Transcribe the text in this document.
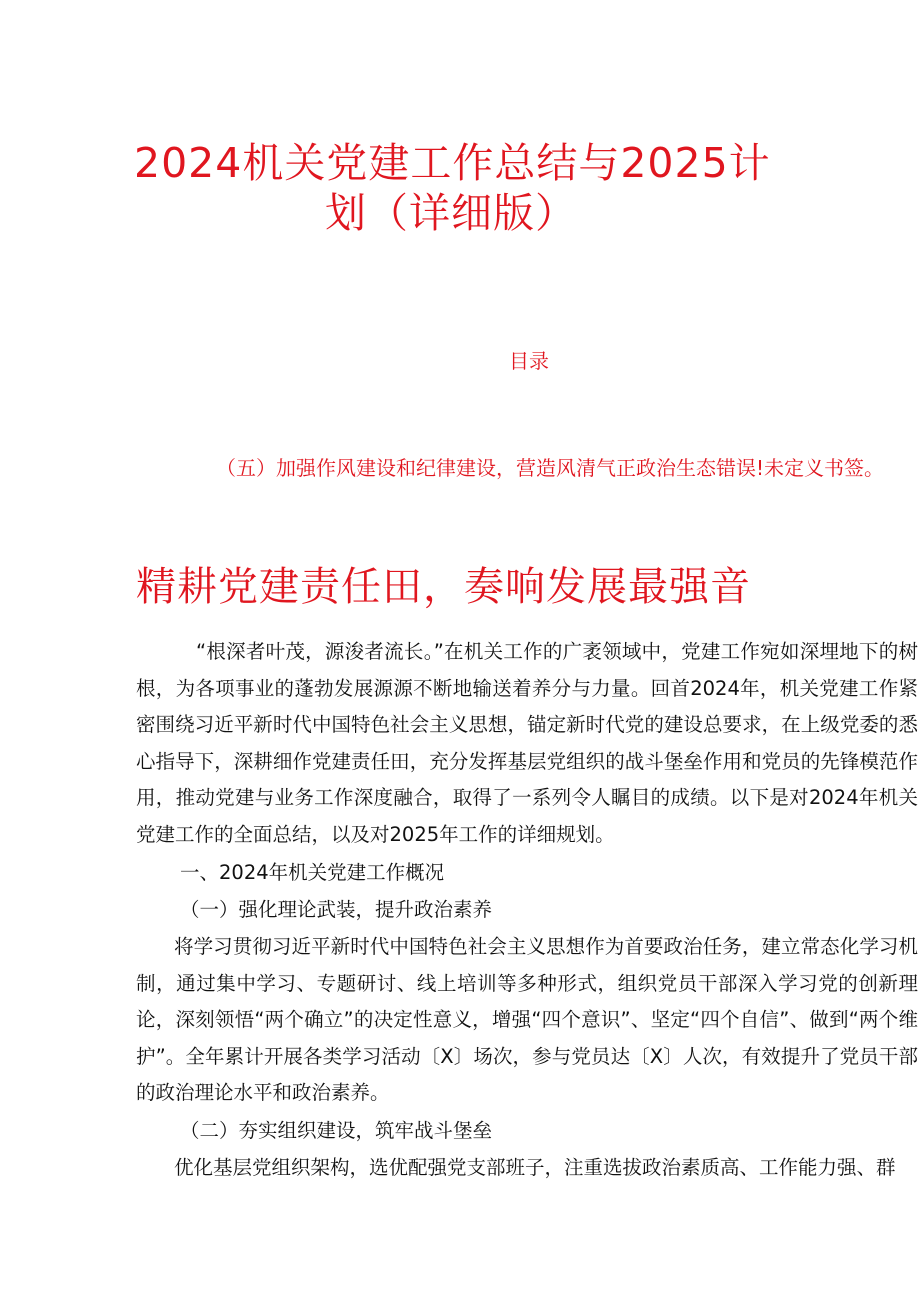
2024机关党建工作总结与2025计
划（详细版）
目录
（五）加强作风建设和纪律建设，营造风清气正政治生态错误!未定义书签。
精耕党建责任田，奏响发展最强音
“根深者叶茂，源浚者流长。”在机关工作的广袤领域中，党建工作宛如深埋地下的树根，为各项事业的蓬勃发展源源不断地输送着养分与力量。回首2024年，机关党建工作紧密围绕习近平新时代中国特色社会主义思想，锚定新时代党的建设总要求，在上级党委的悉心指导下，深耕细作党建责任田，充分发挥基层党组织的战斗堡垒作用和党员的先锋模范作用，推动党建与业务工作深度融合，取得了一系列令人瞩目的成绩。以下是对2024年机关党建工作的全面总结，以及对2025年工作的详细规划。
一、2024年机关党建工作概况
（一）强化理论武装，提升政治素养
将学习贯彻习近平新时代中国特色社会主义思想作为首要政治任务，建立常态化学习机制，通过集中学习、专题研讨、线上培训等多种形式，组织党员干部深入学习党的创新理论，深刻领悟“两个确立”的决定性意义，增强“四个意识”、坚定“四个自信”、做到“两个维护”。全年累计开展各类学习活动〔X〕场次，参与党员达〔X〕人次，有效提升了党员干部的政治理论水平和政治素养。
（二）夯实组织建设，筑牢战斗堡垒
优化基层党组织架构，选优配强党支部班子，注重选拔政治素质高、工作能力强、群
